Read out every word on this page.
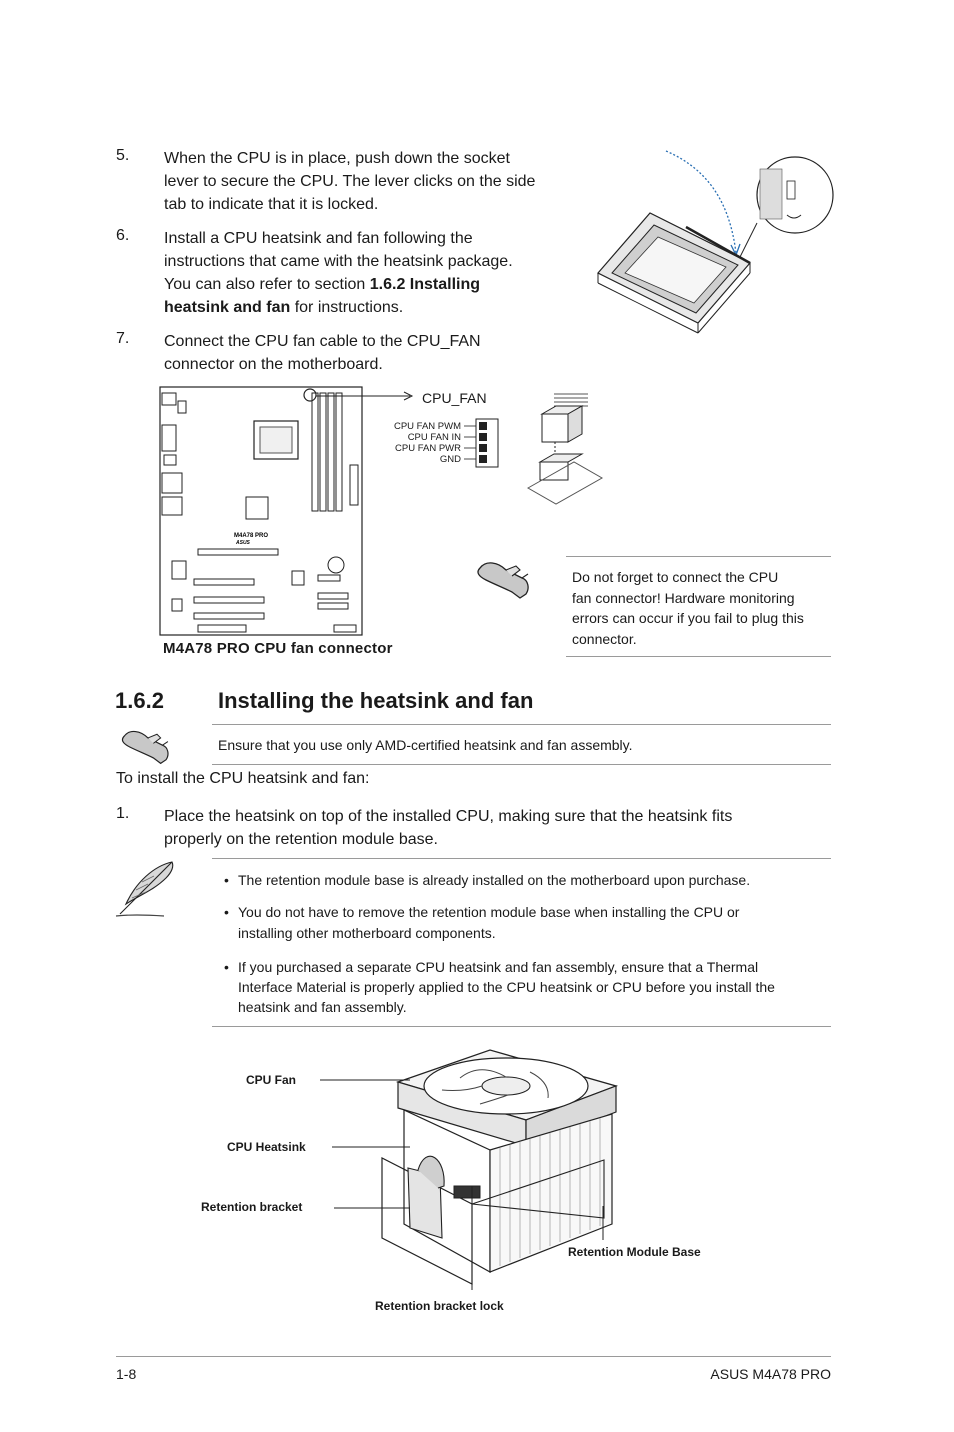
5. When the CPU is in place, push down the socket
lever to secure the CPU. The lever clicks on the side
tab to indicate that it is locked.
6. Install a CPU heatsink and fan following the
instructions that came with the heatsink package.
You can also refer to section 1.6.2 Installing
heatsink and fan for instructions.
7. Connect the CPU fan cable to the CPU_FAN
connector on the motherboard.
M4A78 PRO
ASUS
CPU_FAN
CPU FAN PWM
CPU FAN IN
CPU FAN PWR
GND
Do not forget to connect the CPU
fan connector! Hardware monitoring
errors can occur if you fail to plug this
connector.
M4A78 PRO CPU fan connector
1.6.2 Installing the heatsink and fan
Ensure that you use only AMD-certified heatsink and fan assembly.
To install the CPU heatsink and fan:
1. Place the heatsink on top of the installed CPU, making sure that the heatsink fits
properly on the retention module base.
• The retention module base is already installed on the motherboard upon purchase.
• You do not have to remove the retention module base when installing the CPU or
installing other motherboard components.
• If you purchased a separate CPU heatsink and fan assembly, ensure that a Thermal
Interface Material is properly applied to the CPU heatsink or CPU before you install the
heatsink and fan assembly.
CPU Fan
CPU Heatsink
Retention bracket
Retention Module Base
Retention bracket lock
1-8	ASUS M4A78 PRO
